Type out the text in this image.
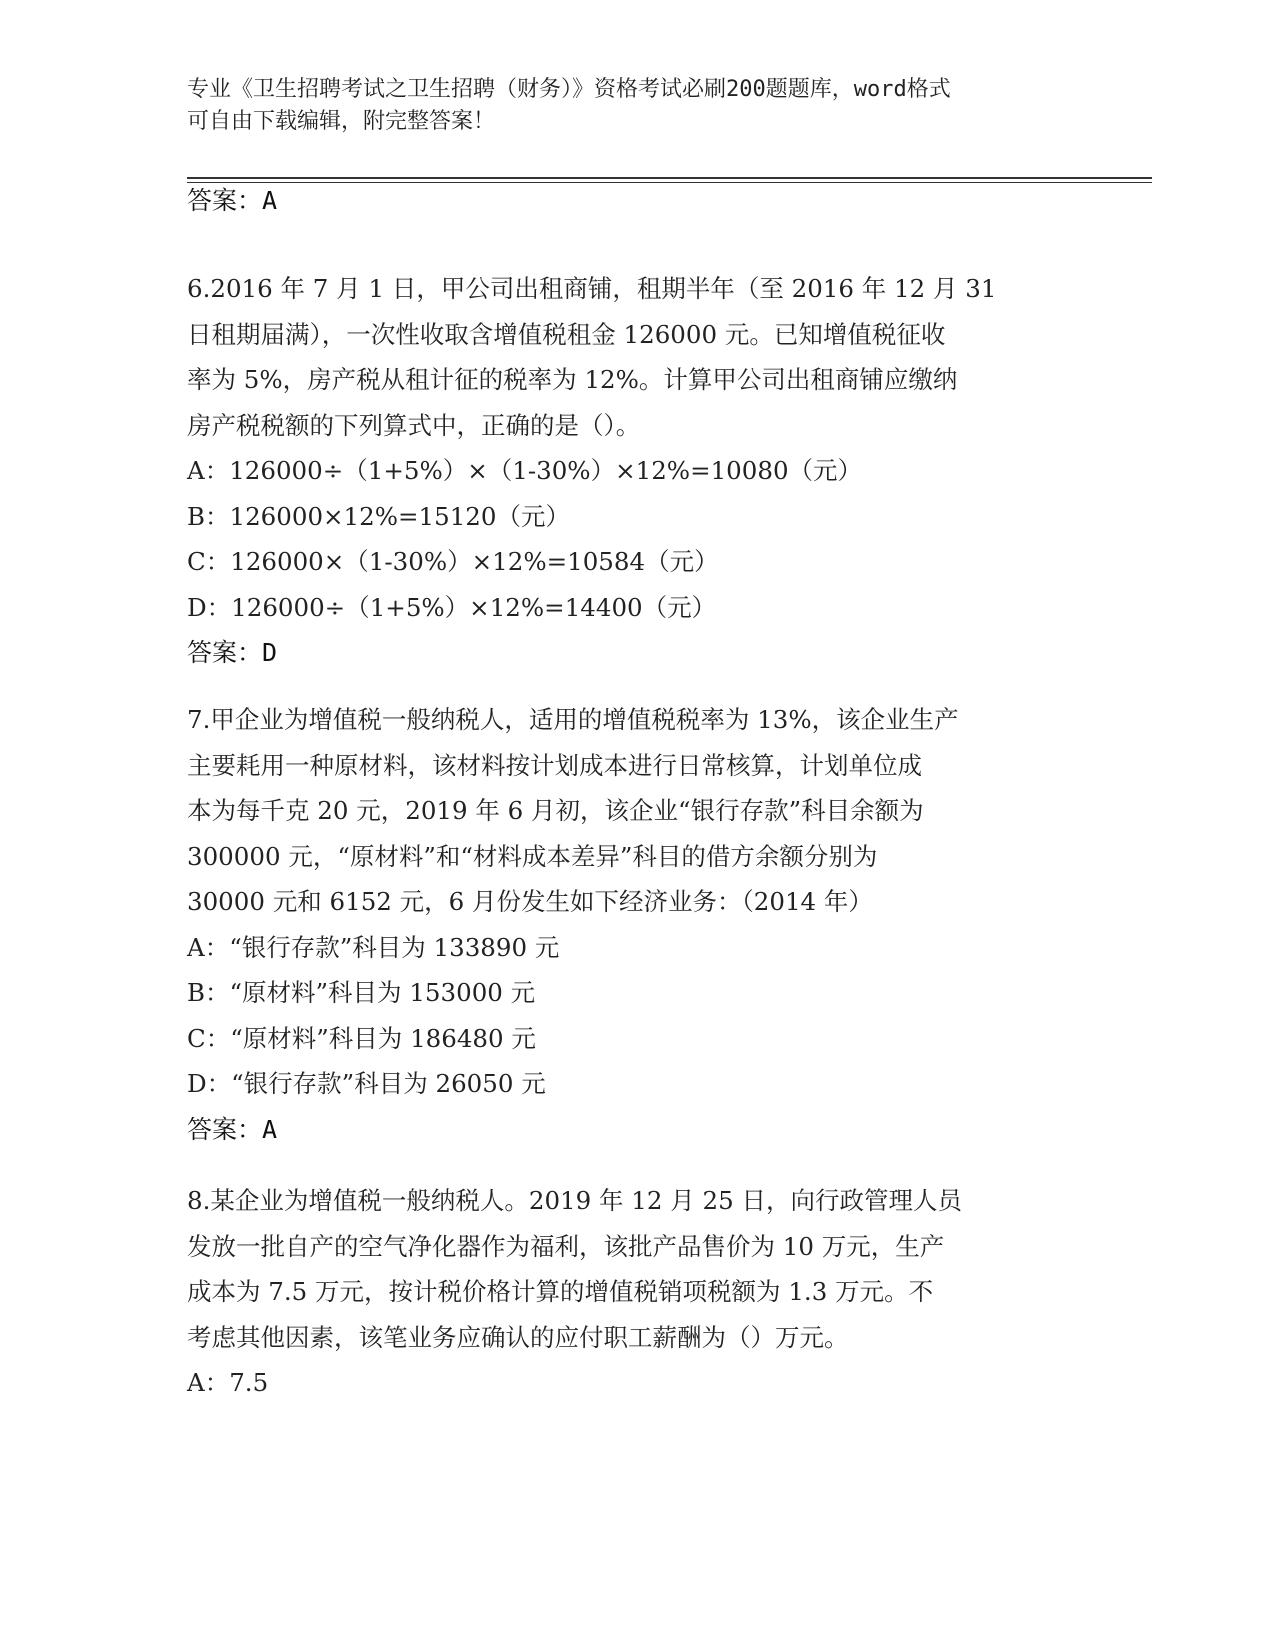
专业《卫生招聘考试之卫生招聘（财务）》资格考试必刷200题题库，word格式
可自由下载编辑，附完整答案！
答案：A
6.2016 年 7 月 1 日，甲公司出租商铺，租期半年（至 2016 年 12 月 31
日租期届满），一次性收取含增值税租金 126000 元。已知增值税征收
率为 5%，房产税从租计征的税率为 12%。计算甲公司出租商铺应缴纳
房产税税额的下列算式中，正确的是（）。
A：126000÷（1+5%）×（1-30%）×12%=10080（元）
B：126000×12%=15120（元）
C：126000×（1-30%）×12%=10584（元）
D：126000÷（1+5%）×12%=14400（元）
答案：D
7.甲企业为增值税一般纳税人，适用的增值税税率为 13%，该企业生产
主要耗用一种原材料，该材料按计划成本进行日常核算，计划单位成
本为每千克 20 元，2019 年 6 月初，该企业“银行存款”科目余额为
300000 元，“原材料”和“材料成本差异”科目的借方余额分别为
30000 元和 6152 元，6 月份发生如下经济业务：（2014 年）
A：“银行存款”科目为 133890 元
B：“原材料”科目为 153000 元
C：“原材料”科目为 186480 元
D：“银行存款”科目为 26050 元
答案：A
8.某企业为增值税一般纳税人。2019 年 12 月 25 日，向行政管理人员
发放一批自产的空气净化器作为福利，该批产品售价为 10 万元，生产
成本为 7.5 万元，按计税价格计算的增值税销项税额为 1.3 万元。不
考虑其他因素，该笔业务应确认的应付职工薪酬为（）万元。
A：7.5
